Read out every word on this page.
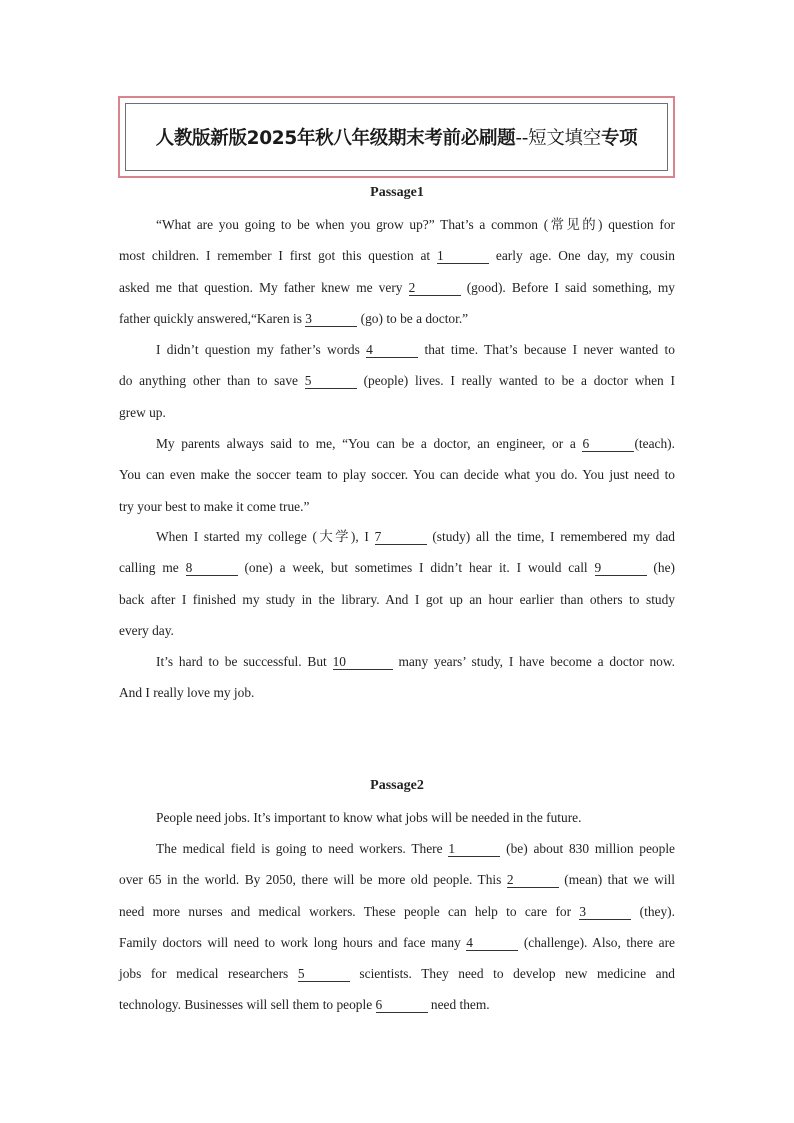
人教版新版2025年秋八年级期末考前必刷题--短文填空专项
Passage1
“What are you going to be when you grow up?” That’s a common (常见的) question for
most children. I remember I first got this question at 1	early age. One day, my cousin
asked me that question. My father knew me very 2	(good). Before I said something, my
father quickly answered,“Karen is 3	(go) to be a doctor.”
I didn’t question my father’s words 4	that time. That’s because I never wanted to
do anything other than to save 5	(people) lives. I really wanted to be a doctor when I
grew up.
My parents always said to me, “You can be a doctor, an engineer, or a 6	(teach).
You can even make the soccer team to play soccer. You can decide what you do. You just need to
try your best to make it come true.”
When I started my college (大学), I 7	(study) all the time, I remembered my dad
calling me 8	(one) a week, but sometimes I didn’t hear it. I would call 9	(he)
back after I finished my study in the library. And I got up an hour earlier than others to study
every day.
It’s hard to be successful. But 10	many years’ study, I have become a doctor now.
And I really love my job.
Passage2
People need jobs. It’s important to know what jobs will be needed in the future.
The medical field is going to need workers. There 1	(be) about 830 million people
over 65 in the world. By 2050, there will be more old people. This 2	(mean) that we will
need more nurses and medical workers. These people can help to care for 3	(they).
Family doctors will need to work long hours and face many 4	(challenge). Also, there are
jobs for medical researchers 5	scientists. They need to develop new medicine and
technology. Businesses will sell them to people 6	need them.
